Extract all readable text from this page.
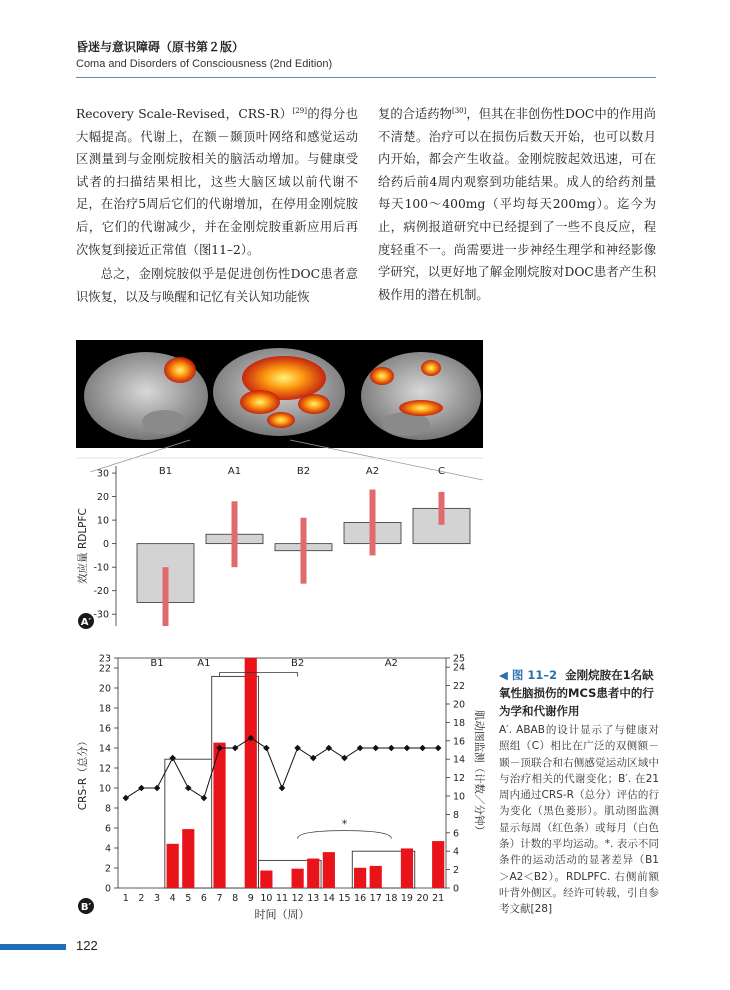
昏迷与意识障碍（原书第２版）
Coma and Disorders of Consciousness (2nd Edition)

Recovery Scale-Revised，CRS-R）[29]的得分也大幅提高。代谢上，在额－颞顶叶网络和感觉运动区测量到与金刚烷胺相关的脑活动增加。与健康受试者的扫描结果相比，这些大脑区域以前代谢不足，在治疗5周后它们的代谢增加，在停用金刚烷胺后，它们的代谢减少，并在金刚烷胺重新应用后再次恢复到接近正常值（图11–2）。

总之，金刚烷胺似乎是促进创伤性DOC患者意识恢复，以及与唤醒和记忆有关认知功能恢

复的合适药物[30]，但其在非创伤性DOC中的作用尚不清楚。治疗可以在损伤后数天开始，也可以数月内开始，都会产生收益。金刚烷胺起效迅速，可在给药后前4周内观察到功能结果。成人的给药剂量每天100～400mg（平均每天200mg）。迄今为止，病例报道研究中已经提到了一些不良反应，程度轻重不一。尚需要进一步神经生理学和神经影像学研究，以更好地了解金刚烷胺对DOC患者产生积极作用的潜在机制。

30
20
10
0
-10
-20
-30
效应量 RDLPFC
B1	A1	B2	A2	C
A′
0
2
4
6
8
10
12
14
16
18
20
22
23
0
2
4
6
8
10
12
14
16
18
20
22
24
25
CRS-R（总分）	肌动图监测（计数／分钟）
1 2 3 4 5 6 7 8 9 10 11 12 13 14 15 16 17 18 19 20 21
时间（周）
B1	A1	B2	A2
*
B′
◀ 图 11–2 金刚烷胺在1名缺氧性脑损伤的MCS患者中的行为学和代谢作用
A′. ABAB的设计显示了与健康对照组（C）相比在广泛的双侧额－颞－顶联合和右侧感觉运动区域中与治疗相关的代谢变化；B′. 在21周内通过CRS-R（总分）评估的行为变化（黑色菱形）。肌动图监测显示每周（红色条）或每月（白色条）计数的平均运动。*. 表示不同条件的运动活动的显著差异（B1＞A2＜B2）。RDLPFC. 右侧前额叶背外侧区。经许可转载，引自参考文献[28]
122
